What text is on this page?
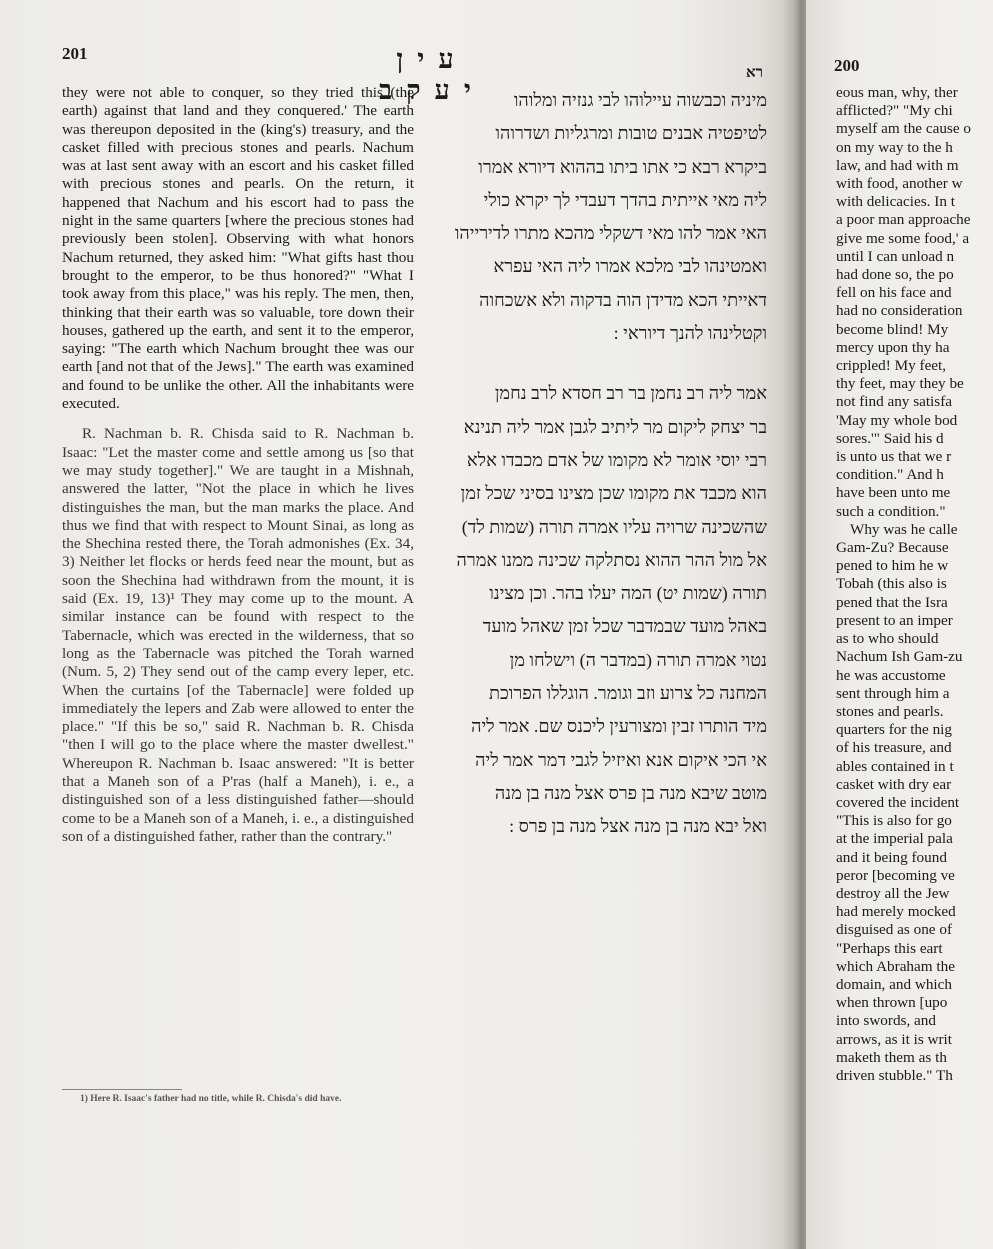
201	עין יעקב
רא

they were not able to conquer, so they tried this (the earth) against that land and they conquered.' The earth was thereupon deposited in the (king's) treasury, and the casket filled with precious stones and pearls. Nachum was at last sent away with an escort and his casket filled with precious stones and pearls. On the return, it happened that Nachum and his escort had to pass the night in the same quarters [where the precious stones had previously been stolen]. Observing with what honors Nachum returned, they asked him: "What gifts hast thou brought to the emperor, to be thus honored?" "What I took away from this place," was his reply. The men, then, thinking that their earth was so valuable, tore down their houses, gathered up the earth, and sent it to the emperor, saying: "The earth which Nachum brought thee was our earth [and not that of the Jews]." The earth was examined and found to be unlike the other. All the inhabitants were executed.

R. Nachman b. R. Chisda said to R. Nachman b. Isaac: "Let the master come and settle among us [so that we may study together]." We are taught in a Mishnah, answered the latter, "Not the place in which he lives distinguishes the man, but the man marks the place. And thus we find that with respect to Mount Sinai, as long as the Shechina rested there, the Torah admonishes (Ex. 34, 3) Neither let flocks or herds feed near the mount, but as soon the Shechina had withdrawn from the mount, it is said (Ex. 19, 13)¹ They may come up to the mount. A similar instance can be found with respect to the Tabernacle, which was erected in the wilderness, that so long as the Tabernacle was pitched the Torah warned (Num. 5, 2) They send out of the camp every leper, etc. When the curtains [of the Tabernacle] were folded up immediately the lepers and Zab were allowed to enter the place." "If this be so," said R. Nachman b. R. Chisda "then I will go to the place where the master dwellest." Whereupon R. Nachman b. Isaac answered: "It is better that a Maneh son of a P'ras (half a Maneh), i. e., a distinguished son of a less distinguished father—should come to be a Maneh son of a Maneh, i. e., a distinguished son of a distinguished father, rather than the contrary."

מיניה וכבשוה עיילוהו לבי גנזיה ומלוהו
לטיפטיה אבנים טובות ומרגליות ושדרוהו
ביקרא רבא כי אתו ביתו בההוא דיורא אמרו
ליה מאי אייתית בהדך דעבדי לך יקרא כולי
האי אמר להו מאי דשקלי מהכא מתרו לדירייהו
ואמטינהו לבי מלכא אמרו ליה האי עפרא
דאייתי הכא מדידן הוה בדקוה ולא אשכחוה
וקטלינהו להנך דיוראי :
אמר ליה רב נחמן בר רב חסדא לרב נחמן
בר יצחק ליקום מר ליתיב לגבן אמר ליה תנינא
רבי יוסי אומר לא מקומו של אדם מכבדו אלא
הוא מכבד את מקומו שכן מצינו בסיני שכל זמן
שהשכינה שרויה עליו אמרה תורה (שמות לד)
אל מול ההר ההוא נסתלקה שכינה ממנו אמרה
תורה (שמות יט) המה יעלו בהר. וכן מצינו
באהל מועד שבמדבר שכל זמן שאהל מועד
נטוי אמרה תורה (במדבר ה) וישלחו מן
המחנה כל צרוע וזב וגומר. הוגללו הפרוכת
מיד הותרו זבין ומצורעין ליכנס שם. אמר ליה
אי הכי איקום אנא ואיזיל לגבי דמר אמר ליה
מוטב שיבא מנה בן פרס אצל מנה בן מנה
ואל יבא מנה בן מנה אצל מנה בן פרס :
1) Here R. Isaac's father had no title, while R. Chisda's did have.
200
eous man, why, ther
afflicted?" "My chi
myself am the cause o
on my way to the h
law, and had with m
with food, another w
with delicacies. In t
a poor man approache
give me some food,' a
until I can unload n
had done so, the po
fell on his face and
had no consideration
become blind! My
mercy upon thy ha
crippled! My feet,
thy feet, may they be
not find any satisfa
'May my whole bod
sores.'" Said his d
is unto us that we r
condition." And h
have been unto me
such a condition."
Why was he calle
Gam-Zu? Because
pened to him he w
Tobah (this also is
pened that the Isra
present to an imper
as to who should
Nachum Ish Gam-zu
he was accustome
sent through him a
stones and pearls.
quarters for the nig
of his treasure, and
ables contained in t
casket with dry ear
covered the incident
"This is also for go
at the imperial pala
and it being found
peror [becoming ve
destroy all the Jew
had merely mocked
disguised as one of
"Perhaps this eart
which Abraham the
domain, and which
when thrown [upo
into swords, and
arrows, as it is writ
maketh them as th
driven stubble." Th
